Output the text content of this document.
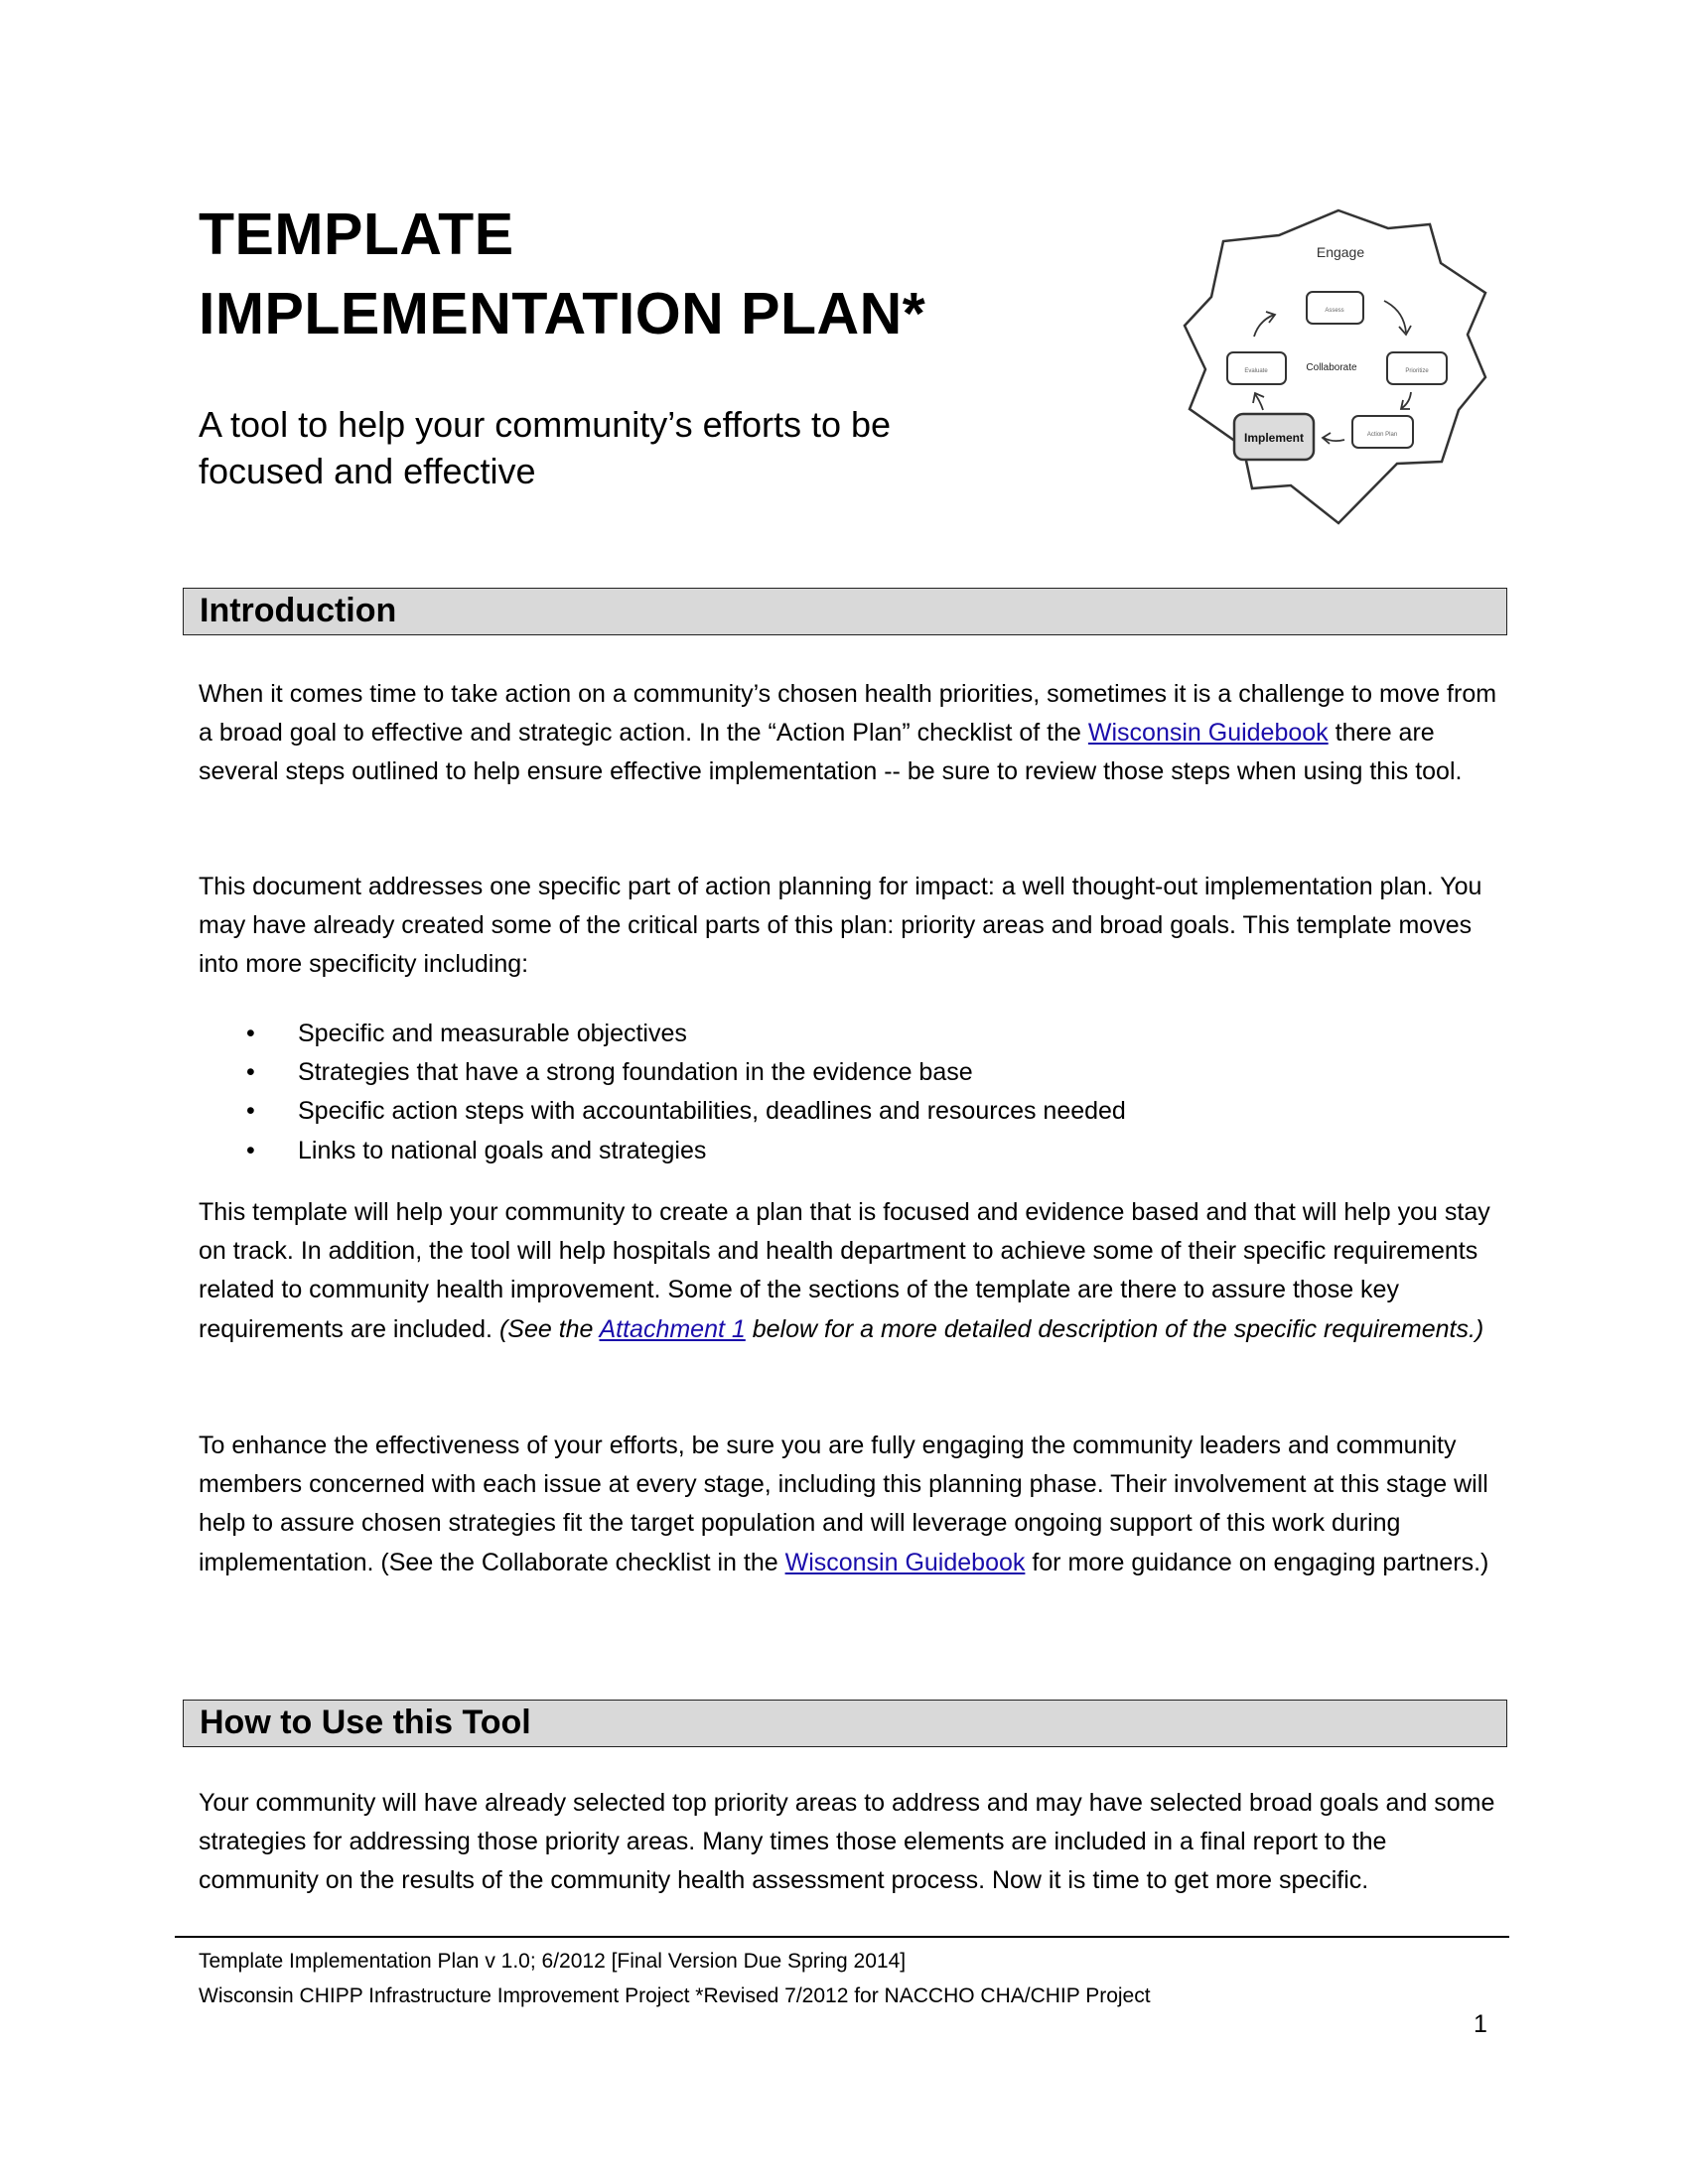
TEMPLATE
IMPLEMENTATION PLAN*

A tool to help your community’s efforts to be
focused and effective

Engage
Collaborate
Assess
Prioritize
Action Plan
Implement
Evaluate
Introduction

When it comes time to take action on a community’s chosen health priorities, sometimes it is a challenge to move from a broad goal to effective and strategic action. In the “Action Plan” checklist of the Wisconsin Guidebook there are several steps outlined to help ensure effective implementation -- be sure to review those steps when using this tool.

This document addresses one specific part of action planning for impact: a well thought-out implementation plan. You may have already created some of the critical parts of this plan: priority areas and broad goals. This template moves into more specificity including:

• Specific and measurable objectives
• Strategies that have a strong foundation in the evidence base
• Specific action steps with accountabilities, deadlines and resources needed
• Links to national goals and strategies

This template will help your community to create a plan that is focused and evidence based and that will help you stay on track. In addition, the tool will help hospitals and health department to achieve some of their specific requirements related to community health improvement. Some of the sections of the template are there to assure those key requirements are included. (See the Attachment 1 below for a more detailed description of the specific requirements.)

To enhance the effectiveness of your efforts, be sure you are fully engaging the community leaders and community members concerned with each issue at every stage, including this planning phase. Their involvement at this stage will help to assure chosen strategies fit the target population and will leverage ongoing support of this work during implementation. (See the Collaborate checklist in the Wisconsin Guidebook for more guidance on engaging partners.)

How to Use this Tool

Your community will have already selected top priority areas to address and may have selected broad goals and some strategies for addressing those priority areas. Many times those elements are included in a final report to the community on the results of the community health assessment process. Now it is time to get more specific.

Template Implementation Plan v 1.0; 6/2012 [Final Version Due Spring 2014]
Wisconsin CHIPP Infrastructure Improvement Project *Revised 7/2012 for NACCHO CHA/CHIP Project

1
